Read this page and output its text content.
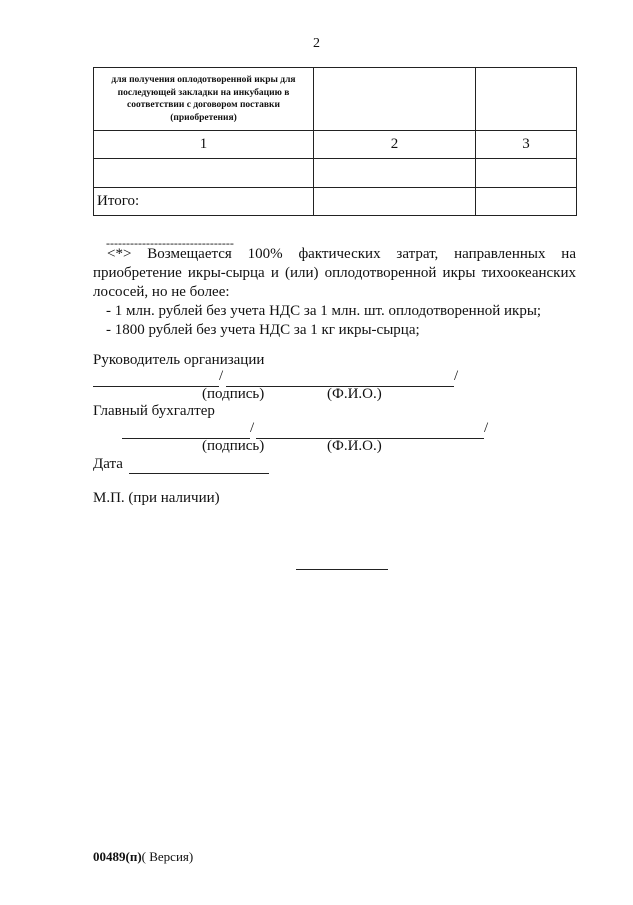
2
для получения оплодотворенной икры для последующей закладки на инкубацию в соответствии с договором поставки (приобретения)		
1	2	3

Итого:		
--------------------------------

<*> Возмещается 100% фактических затрат, направленных на приобретение икры-сырца и (или) оплодотворенной икры тихоокеанских лососей, но не более:

- 1 млн. рублей без учета НДС за 1 млн. шт. оплодотворенной икры;

- 1800 рублей без учета НДС за 1 кг икры-сырца;

Руководитель организации
/	/
(подпись)	(Ф.И.О.)
Главный бухгалтер
/	/
(подпись)	(Ф.И.О.)
Дата
М.П. (при наличии)
00489(п)( Версия)
